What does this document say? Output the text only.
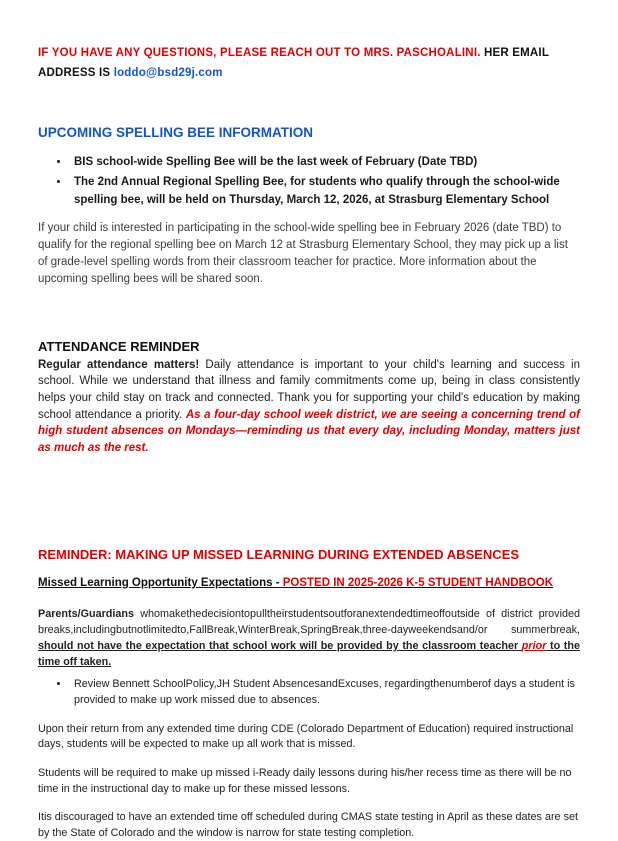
IF YOU HAVE ANY QUESTIONS, PLEASE REACH OUT TO MRS. PASCHOALINI. HER EMAIL ADDRESS IS loddo@bsd29j.com

UPCOMING SPELLING BEE INFORMATION
• BIS school-wide Spelling Bee will be the last week of February (Date TBD)
• The 2nd Annual Regional Spelling Bee, for students who qualify through the school-wide spelling bee, will be held on Thursday, March 12, 2026, at Strasburg Elementary School

If your child is interested in participating in the school-wide spelling bee in February 2026 (date TBD) to qualify for the regional spelling bee on March 12 at Strasburg Elementary School, they may pick up a list of grade-level spelling words from their classroom teacher for practice. More information about the upcoming spelling bees will be shared soon.

ATTENDANCE REMINDER

Regular attendance matters! Daily attendance is important to your child's learning and success in school. While we understand that illness and family commitments come up, being in class consistently helps your child stay on track and connected. Thank you for supporting your child's education by making school attendance a priority. As a four-day school week district, we are seeing a concerning trend of high student absences on Mondays—reminding us that every day, including Monday, matters just as much as the rest.

REMINDER: MAKING UP MISSED LEARNING DURING EXTENDED ABSENCES

Missed Learning Opportunity Expectations - POSTED IN 2025-2026 K-5 STUDENT HANDBOOK

Parents/Guardians whomakethedecisiontopulltheirstudentsoutforanextendedtimeoffoutside of district provided breaks,includingbutnotlimitedto,FallBreak,WinterBreak,SpringBreak,three-dayweekendsand/or summerbreak, should not have the expectation that school work will be provided by the classroom teacher prior to the time off taken.

• Review Bennett SchoolPolicy,JH Student AbsencesandExcuses, regardingthenumberof days a student is provided to make up work missed due to absences.

Upon their return from any extended time during CDE (Colorado Department of Education) required instructional days, students will be expected to make up all work that is missed.

Students will be required to make up missed i-Ready daily lessons during his/her recess time as there will be no time in the instructional day to make up for these missed lessons.

Itis discouraged to have an extended time off scheduled during CMAS state testing in April as these dates are set by the State of Colorado and the window is narrow for state testing completion.
